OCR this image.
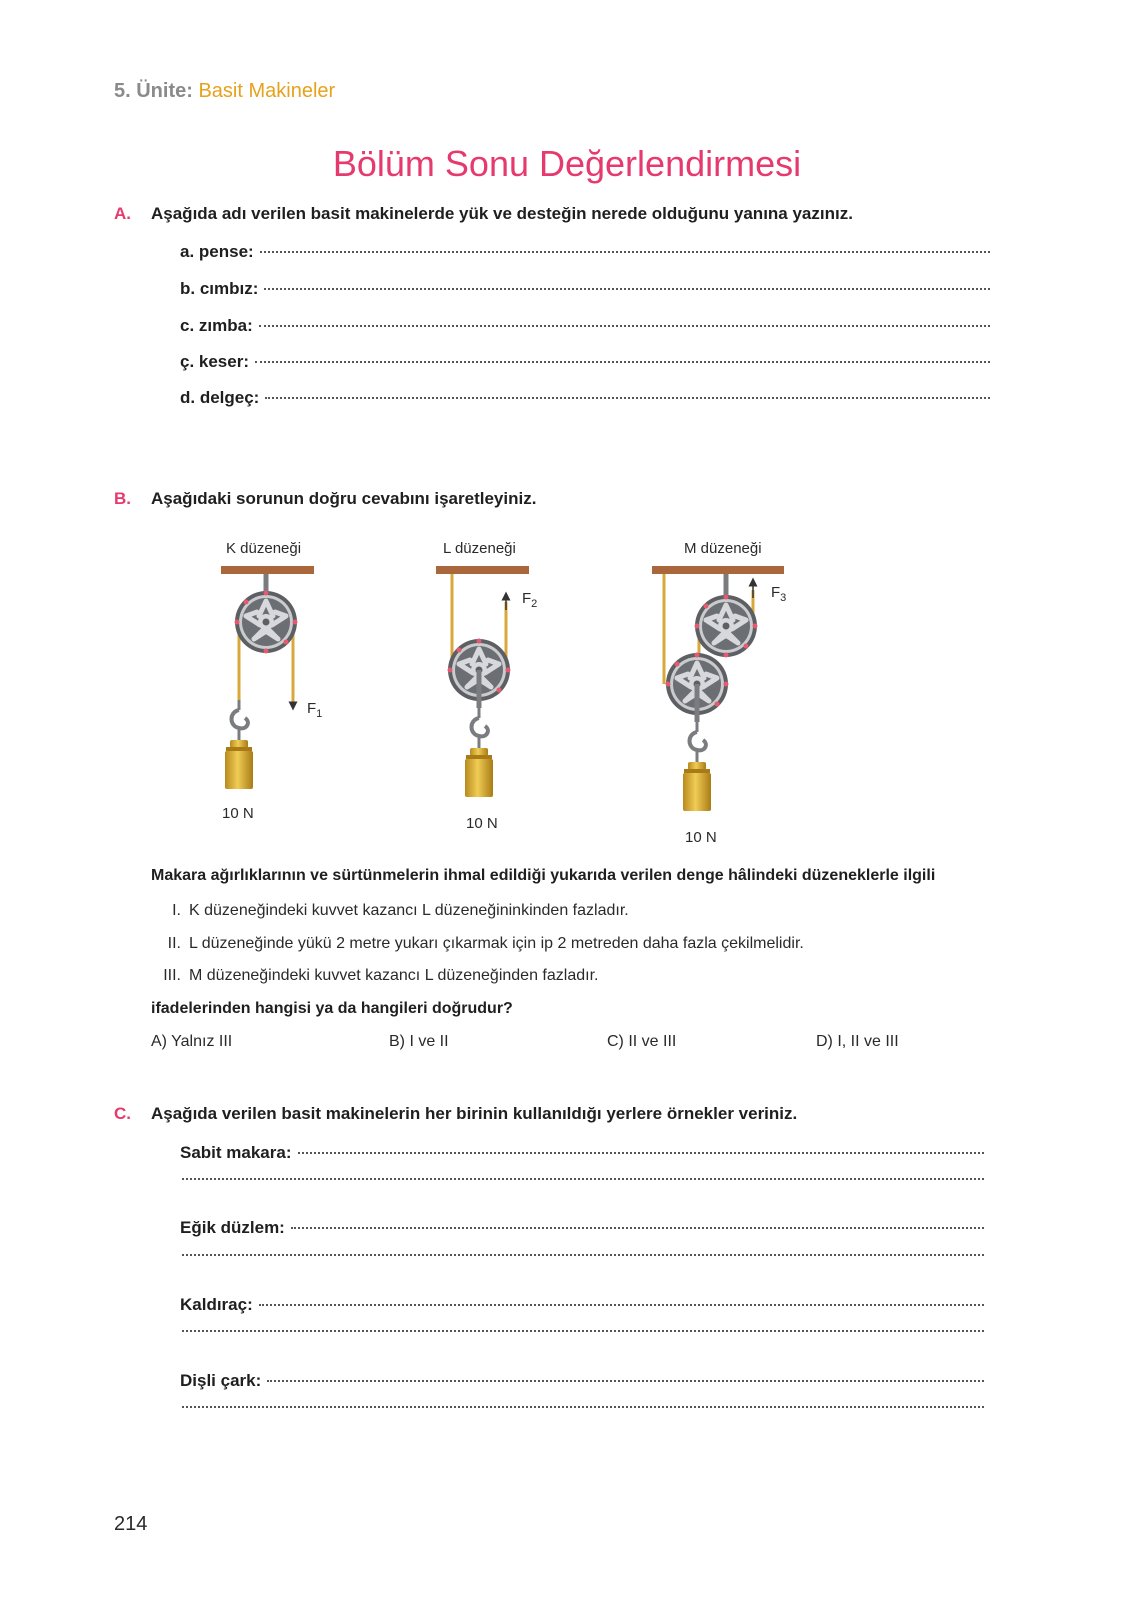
5. Ünite: Basit Makineler
Bölüm Sonu Değerlendirmesi
A. Aşağıda adı verilen basit makinelerde yük ve desteğin nerede olduğunu yanına yazınız.
a. pense:
b. cımbız:
c. zımba:
ç. keser:
d. delgeç:
B. Aşağıdaki sorunun doğru cevabını işaretleyiniz.
K düzeneği	L düzeneği	M düzeneği
$F_1$
$F_2$
$F_3$
10 N
10 N
10 N
Makara ağırlıklarının ve sürtünmelerin ihmal edildiği yukarıda verilen denge hâlindeki düzeneklerle ilgili
I. K düzeneğindeki kuvvet kazancı L düzeneğininkinden fazladır.
II. L düzeneğinde yükü 2 metre yukarı çıkarmak için ip 2 metreden daha fazla çekilmelidir.
III. M düzeneğindeki kuvvet kazancı L düzeneğinden fazladır.
ifadelerinden hangisi ya da hangileri doğrudur?
A) Yalnız III	B) I ve II	C) II ve III	D) I, II ve III
C. Aşağıda verilen basit makinelerin her birinin kullanıldığı yerlere örnekler veriniz.
Sabit makara:
Eğik düzlem:
Kaldıraç:
Dişli çark:
214
